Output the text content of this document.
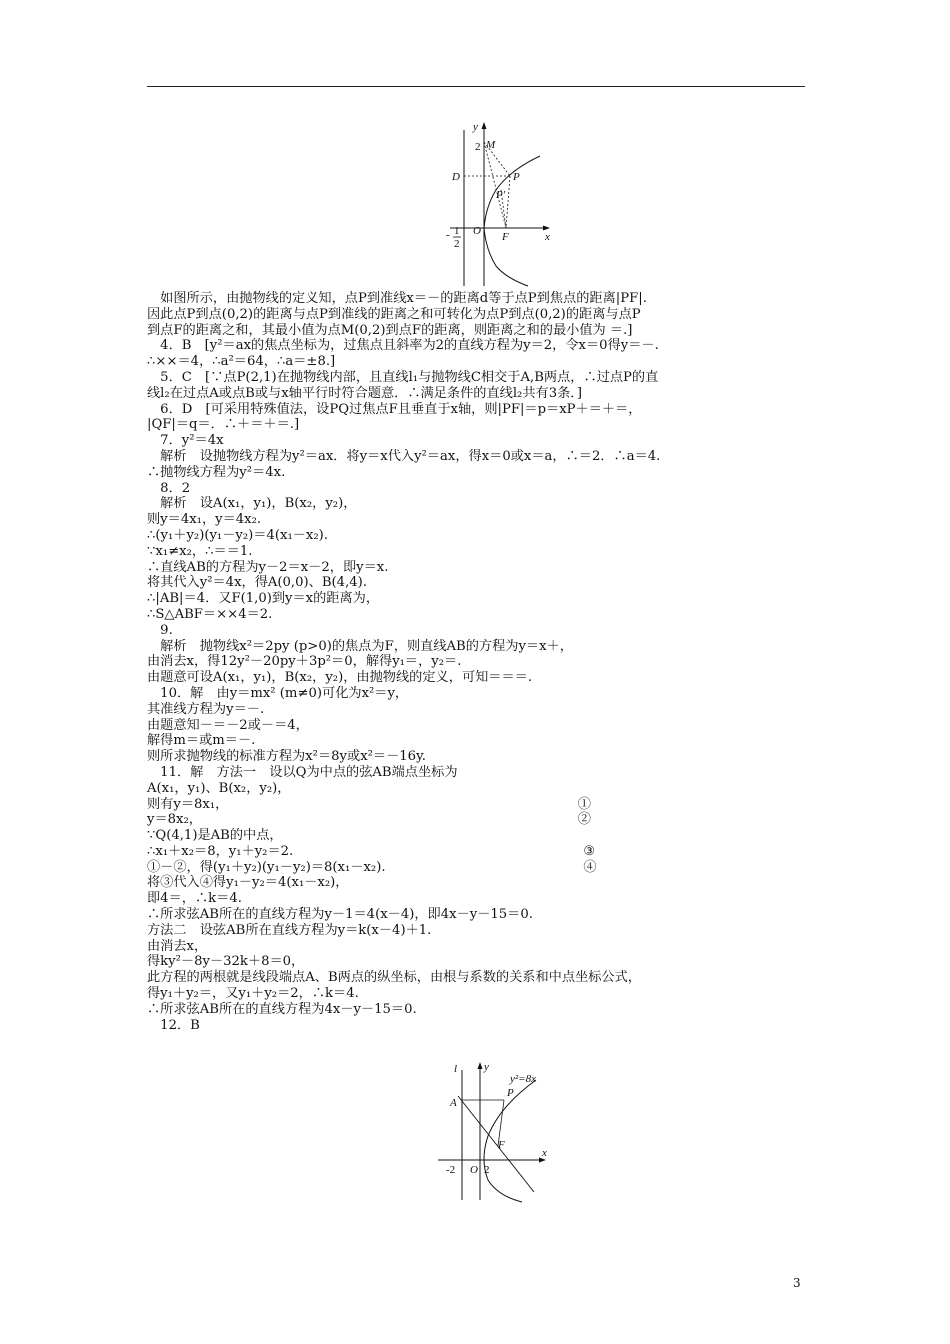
y
M
2
D	P
P'
O F	x
- 1
2
　如图所示，由抛物线的定义知，点P到准线x＝－的距离d等于点P到焦点的距离|PF|.
因此点P到点(0,2)的距离与点P到准线的距离之和可转化为点P到点(0,2)的距离与点P
到点F的距离之和，其最小值为点M(0,2)到点F的距离，则距离之和的最小值为 ＝.]
　4．B　[y²＝ax的焦点坐标为，过焦点且斜率为2的直线方程为y＝2，令x＝0得y＝－.
∴××＝4，∴a²＝64，∴a＝±8.]
　5．C　[∵点P(2,1)在抛物线内部，且直线l₁与抛物线C相交于A,B两点，∴过点P的直
线l₂在过点A或点B或与x轴平行时符合题意．∴满足条件的直线l₂共有3条．]
　6．D　[可采用特殊值法，设PQ过焦点F且垂直于x轴，则|PF|＝p＝xP＋＝＋＝，
|QF|＝q＝．∴＋＝＋＝.]
　7．y²＝4x
　解析　设抛物线方程为y²＝ax．将y＝x代入y²＝ax，得x＝0或x＝a，∴＝2．∴a＝4.
∴抛物线方程为y²＝4x.
　8．2
　解析　设A(x₁，y₁)，B(x₂，y₂)，
则y＝4x₁，y＝4x₂.
∴(y₁＋y₂)(y₁－y₂)＝4(x₁－x₂).
∵x₁≠x₂，∴＝＝1.
∴直线AB的方程为y－2＝x－2，即y＝x.
将其代入y²＝4x，得A(0,0)、B(4,4).
∴|AB|＝4．又F(1,0)到y＝x的距离为，
∴S△ABF＝××4＝2.
　9.
　解析　抛物线x²＝2py (p>0)的焦点为F，则直线AB的方程为y＝x＋，
由消去x，得12y²－20py＋3p²＝0，解得y₁＝，y₂＝.
由题意可设A(x₁，y₁)，B(x₂，y₂)，由抛物线的定义，可知＝＝＝.
　10．解　由y＝mx² (m≠0)可化为x²＝y，
其准线方程为y＝－.
由题意知－＝－2或－＝4，
解得m＝或m＝－.
则所求抛物线的标准方程为x²＝8y或x²＝－16y.
　11．解　方法一　设以Q为中点的弦AB端点坐标为
A(x₁，y₁)、B(x₂，y₂)，
则有y＝8x₁，　　　　　　　　　　　　　　　　　　　　　　　　　　　①
y＝8x₂，　　　　　　　　　　　　　　　　　　　　　　　　　　　　　②
∵Q(4,1)是AB的中点，
∴x₁＋x₂＝8，y₁＋y₂＝2.　　　　　　　　　　　　　　　　　　　　　　③
①－②，得(y₁＋y₂)(y₁－y₂)＝8(x₁－x₂).　　　　　　　　　　　　　　　④
将③代入④得y₁－y₂＝4(x₁－x₂)，
即4＝，∴k＝4.
∴所求弦AB所在的直线方程为y－1＝4(x－4)，即4x－y－15＝0.
方法二　设弦AB所在直线方程为y＝k(x－4)＋1.
由消去x，
得ky²－8y－32k＋8＝0，
此方程的两根就是线段端点A、B两点的纵坐标，由根与系数的关系和中点坐标公式，
得y₁＋y₂＝，又y₁＋y₂＝2，∴k＝4.
∴所求弦AB所在的直线方程为4x－y－15＝0.
　12．B
l y
y²=8x
A
P
F
-2 O 2
x
3
